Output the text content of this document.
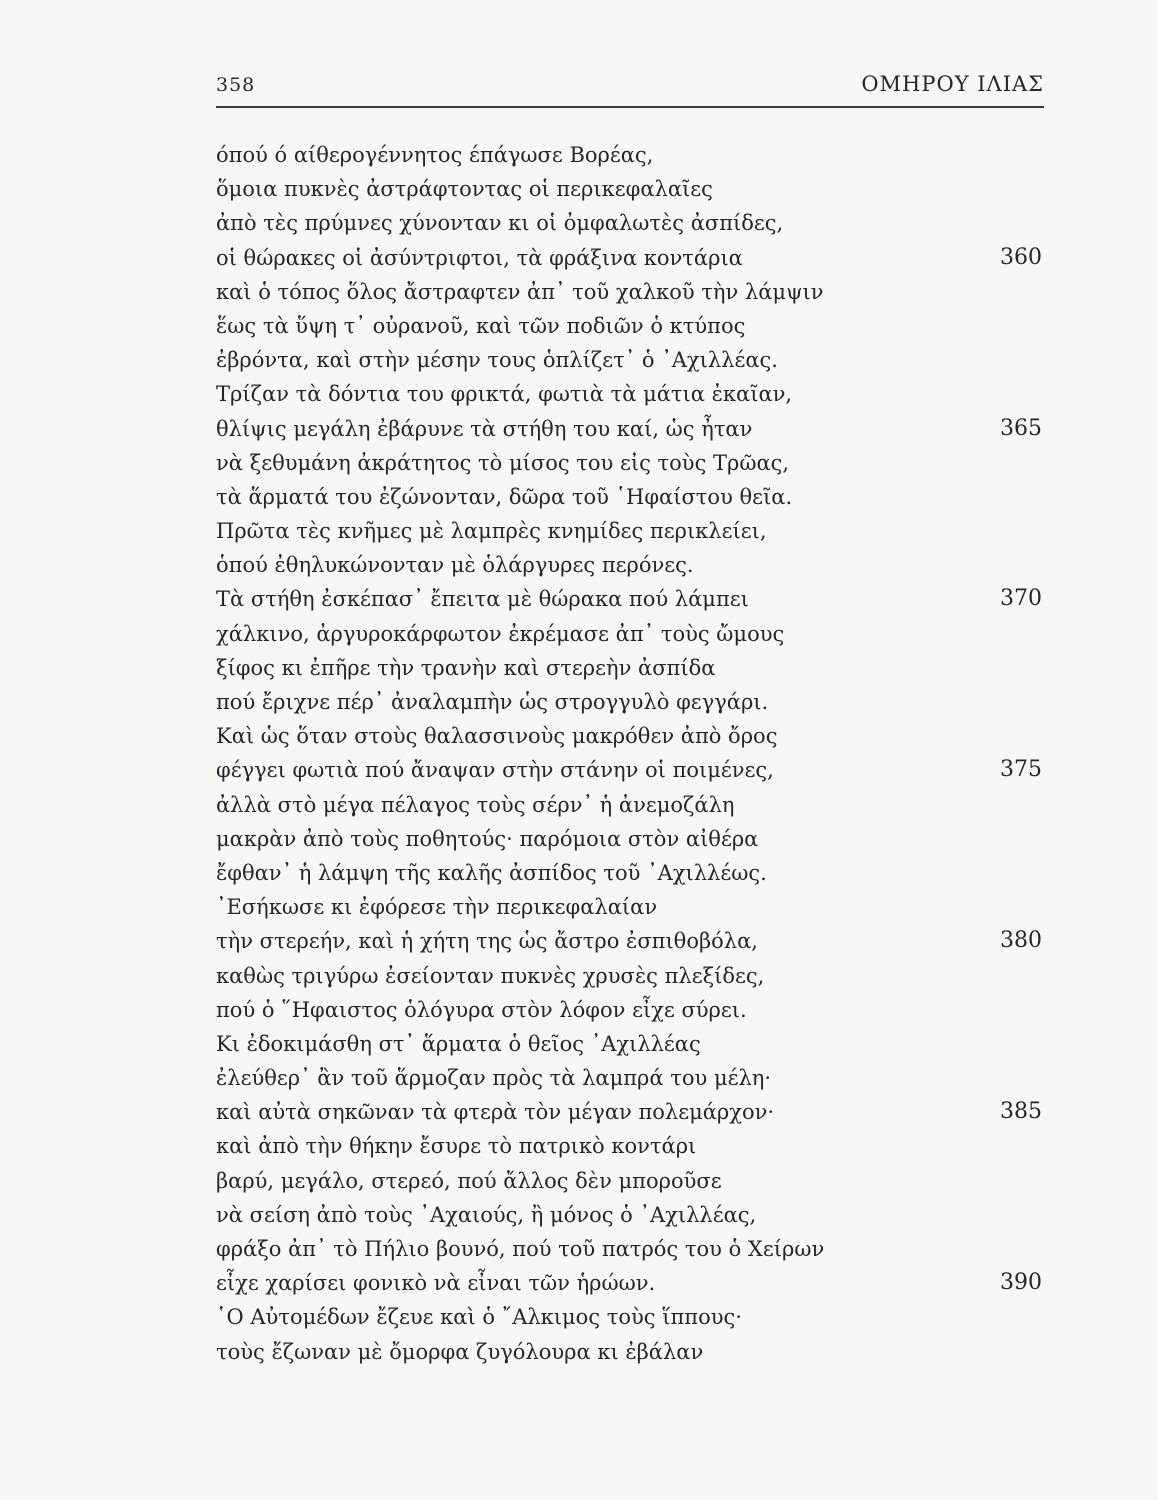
358	ΟΜΗΡΟΥ ΙΛΙΑΣ
όπού ό αίθερογέννητος έπάγωσε Βορέας,
ὅμοια πυκνὲς ἀστράφτοντας οἱ περικεφαλαῖες
ἀπὸ τὲς πρύμνες χύνονταν κι οἱ ὀμφαλωτὲς ἀσπίδες,
οἱ θώρακες οἱ ἀσύντριφτοι, τὰ φράξινα κοντάρια	360
καὶ ὁ τόπος ὅλος ἄστραφτεν ἀπ᾽ τοῦ χαλκοῦ τὴν λάμψιν
ἕως τὰ ὕψη τ᾽ οὐρανοῦ, καὶ τῶν ποδιῶν ὁ κτύπος
ἐβρόντα, καὶ στὴν μέσην τους ὁπλίζετ᾽ ὁ ᾿Αχιλλέας.
Τρίζαν τὰ δόντια του φρικτά, φωτιὰ τὰ μάτια ἐκαῖαν,
θλίψις μεγάλη ἐβάρυνε τὰ στήθη του καί, ὡς ἦταν	365
νὰ ξεθυμάνη ἀκράτητος τὸ μίσος του εἰς τοὺς Τρῶας,
τὰ ἅρματά του ἐζώνονταν, δῶρα τοῦ ῾Ηφαίστου θεῖα.
Πρῶτα τὲς κνῆμες μὲ λαμπρὲς κνημίδες περικλείει,
ὁπού ἐθηλυκώνονταν μὲ ὁλάργυρες περόνες.
Τὰ στήθη ἐσκέπασ᾽ ἔπειτα μὲ θώρακα πού λάμπει	370
χάλκινο, ἀργυροκάρφωτον ἐκρέμασε ἀπ᾽ τοὺς ὤμους
ξίφος κι ἐπῆρε τὴν τρανὴν καὶ στερεὴν ἀσπίδα
πού ἔριχνε πέρ᾽ ἀναλαμπὴν ὡς στρογγυλὸ φεγγάρι.
Καὶ ὡς ὅταν στοὺς θαλασσινοὺς μακρόθεν ἀπὸ ὄρος
φέγγει φωτιὰ πού ἄναψαν στὴν στάνην οἱ ποιμένες,	375
ἀλλὰ στὸ μέγα πέλαγος τοὺς σέρν᾽ ἡ ἀνεμοζάλη
μακρὰν ἀπὸ τοὺς ποθητούς· παρόμοια στὸν αἰθέρα
ἔφθαν᾽ ἡ λάμψη τῆς καλῆς ἀσπίδος τοῦ ᾿Αχιλλέως.
᾿Εσήκωσε κι ἐφόρεσε τὴν περικεφαλαίαν
τὴν στερεήν, καὶ ἡ χήτη της ὡς ἄστρο ἐσπιθοβόλα,	380
καθὼς τριγύρω ἐσείονταν πυκνὲς χρυσὲς πλεξίδες,
πού ὁ ῞Ηφαιστος ὁλόγυρα στὸν λόφον εἶχε σύρει.
Κι ἐδοκιμάσθη στ᾽ ἅρματα ὁ θεῖος ᾿Αχιλλέας
ἐλεύθερ᾽ ἂν τοῦ ἅρμοζαν πρὸς τὰ λαμπρά του μέλη·
καὶ αὐτὰ σηκῶναν τὰ φτερὰ τὸν μέγαν πολεμάρχον·	385
καὶ ἀπὸ τὴν θήκην ἔσυρε τὸ πατρικὸ κοντάρι
βαρύ, μεγάλο, στερεό, πού ἄλλος δὲν μποροῦσε
νὰ σείση ἀπὸ τοὺς ᾿Αχαιούς, ἢ μόνος ὁ ᾿Αχιλλέας,
φράξο ἀπ᾽ τὸ Πήλιο βουνό, πού τοῦ πατρός του ὁ Χείρων
εἶχε χαρίσει φονικὸ νὰ εἶναι τῶν ἡρώων.	390
῾Ο Αὐτομέδων ἔζευε καὶ ὁ ῎Αλκιμος τοὺς ἵππους·
τοὺς ἔζωναν μὲ ὄμορφα ζυγόλουρα κι ἐβάλαν
